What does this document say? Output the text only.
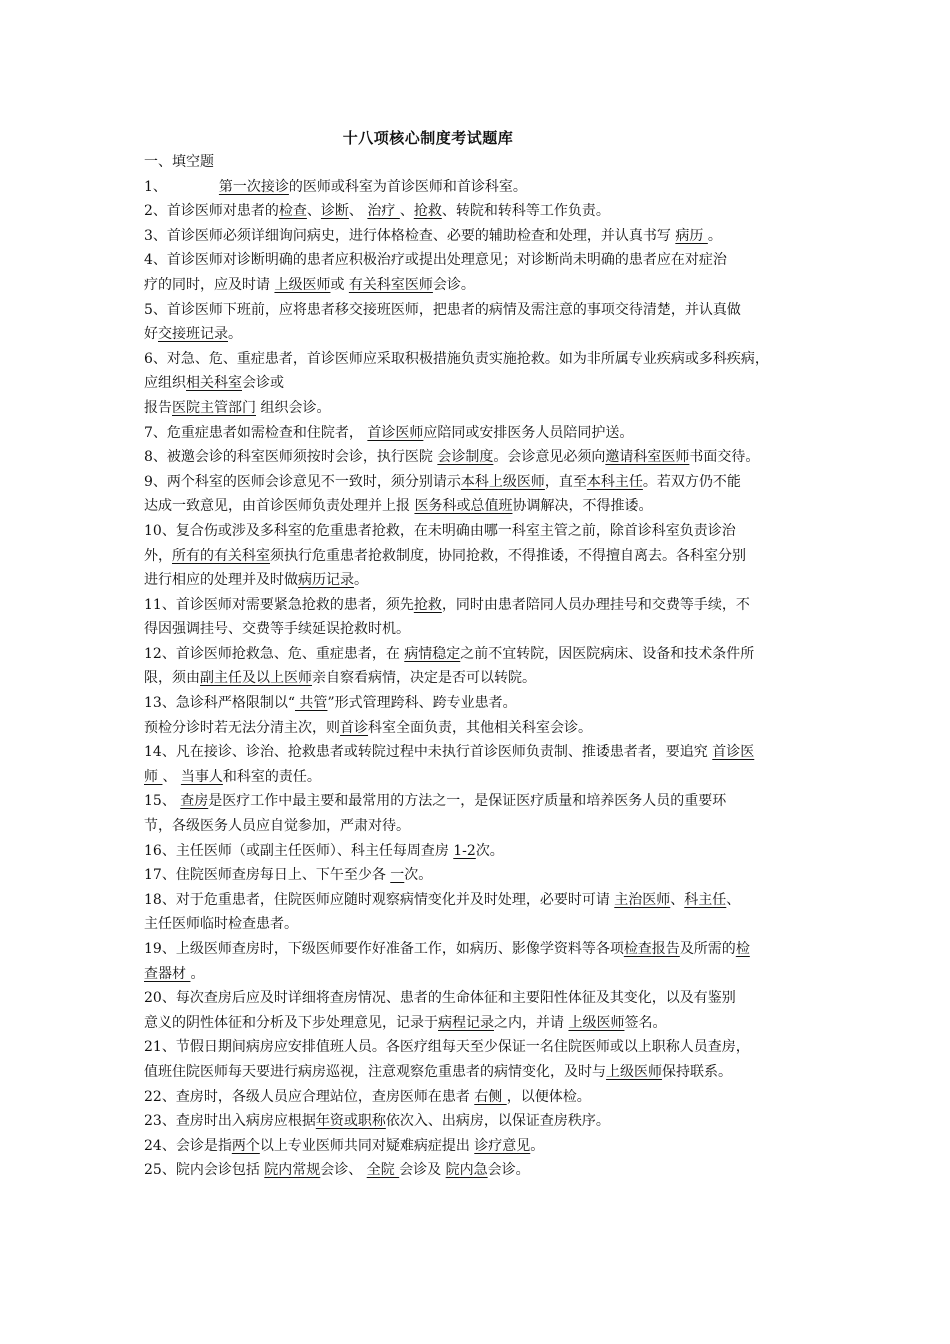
十八项核心制度考试题库
一、填空题
1、	第一次接诊的医师或科室为首诊医师和首诊科室。
2、首诊医师对患者的检查、诊断、 治疗 、抢救、转院和转科等工作负责。
3、首诊医师必须详细询问病史，进行体格检查、必要的辅助检查和处理，并认真书写 病历 。
4、首诊医师对诊断明确的患者应积极治疗或提出处理意见；对诊断尚未明确的患者应在对症治
疗的同时，应及时请 上级医师或 有关科室医师会诊。
5、首诊医师下班前，应将患者移交接班医师，把患者的病情及需注意的事项交待清楚，并认真做
好交接班记录。
6、对急、危、重症患者，首诊医师应采取积极措施负责实施抢救。如为非所属专业疾病或多科疾病，
应组织相关科室会诊或
报告医院主管部门 组织会诊。
7、危重症患者如需检查和住院者， 首诊医师应陪同或安排医务人员陪同护送。
8、被邀会诊的科室医师须按时会诊，执行医院 会诊制度。会诊意见必须向邀请科室医师书面交待。
9、两个科室的医师会诊意见不一致时，须分别请示本科上级医师，直至本科主任。若双方仍不能
达成一致意见，由首诊医师负责处理并上报 医务科或总值班协调解决，不得推诿。
10、复合伤或涉及多科室的危重患者抢救，在未明确由哪一科室主管之前，除首诊科室负责诊治
外，所有的有关科室须执行危重患者抢救制度，协同抢救，不得推诿，不得擅自离去。各科室分别
进行相应的处理并及时做病历记录。
11、首诊医师对需要紧急抢救的患者，须先抢救，同时由患者陪同人员办理挂号和交费等手续，不
得因强调挂号、交费等手续延误抢救时机。
12、首诊医师抢救急、危、重症患者，在 病情稳定之前不宜转院，因医院病床、设备和技术条件所
限，须由副主任及以上医师亲自察看病情，决定是否可以转院。
13、急诊科严格限制以“ 共管”形式管理跨科、跨专业患者。
预检分诊时若无法分清主次，则首诊科室全面负责，其他相关科室会诊。
14、凡在接诊、诊治、抢救患者或转院过程中未执行首诊医师负责制、推诿患者者，要追究 首诊医
师 、 当事人和科室的责任。
15、 查房是医疗工作中最主要和最常用的方法之一，是保证医疗质量和培养医务人员的重要环
节，各级医务人员应自觉参加，严肃对待。
16、主任医师（或副主任医师）、科主任每周查房 1-2次。
17、住院医师查房每日上、下午至少各 一次。
18、对于危重患者，住院医师应随时观察病情变化并及时处理，必要时可请 主治医师、科主任、
主任医师临时检查患者。
19、上级医师查房时，下级医师要作好准备工作，如病历、影像学资料等各项检查报告及所需的检
查器材 。
20、每次查房后应及时详细将查房情况、患者的生命体征和主要阳性体征及其变化，以及有鉴别
意义的阴性体征和分析及下步处理意见，记录于病程记录之内，并请 上级医师签名。
21、节假日期间病房应安排值班人员。各医疗组每天至少保证一名住院医师或以上职称人员查房，
值班住院医师每天要进行病房巡视，注意观察危重患者的病情变化，及时与上级医师保持联系。
22、查房时，各级人员应合理站位，查房医师在患者 右侧 ，以便体检。
23、查房时出入病房应根据年资或职称依次入、出病房，以保证查房秩序。
24、会诊是指两个以上专业医师共同对疑难病症提出 诊疗意见。
25、院内会诊包括 院内常规会诊、 全院 会诊及 院内急会诊。
